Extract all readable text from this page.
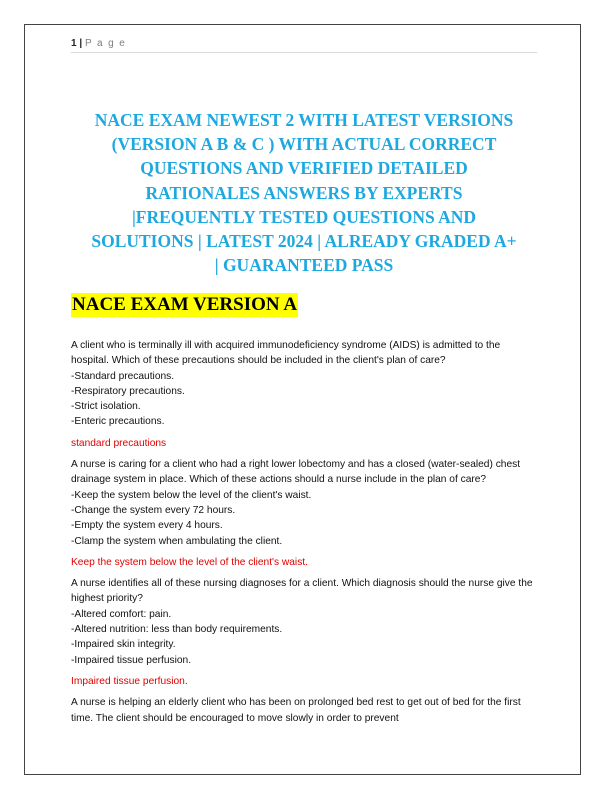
1 | P a g e
NACE EXAM NEWEST 2 WITH LATEST VERSIONS
(VERSION A B & C ) WITH ACTUAL CORRECT
QUESTIONS AND VERIFIED DETAILED
RATIONALES ANSWERS BY EXPERTS
|FREQUENTLY TESTED QUESTIONS AND
SOLUTIONS | LATEST 2024 | ALREADY GRADED A+
| GUARANTEED PASS
NACE EXAM VERSION A
A client who is terminally ill with acquired immunodeficiency syndrome (AIDS) is admitted to the
hospital. Which of these precautions should be included in the client's plan of care?
-Standard precautions.
-Respiratory precautions.
-Strict isolation.
-Enteric precautions.
standard precautions
A nurse is caring for a client who had a right lower lobectomy and has a closed (water-sealed) chest
drainage system in place. Which of these actions should a nurse include in the plan of care?
-Keep the system below the level of the client's waist.
-Change the system every 72 hours.
-Empty the system every 4 hours.
-Clamp the system when ambulating the client.
Keep the system below the level of the client's waist.
A nurse identifies all of these nursing diagnoses for a client. Which diagnosis should the nurse give the
highest priority?
-Altered comfort: pain.
-Altered nutrition: less than body requirements.
-Impaired skin integrity.
-Impaired tissue perfusion.
Impaired tissue perfusion.
A nurse is helping an elderly client who has been on prolonged bed rest to get out of bed for the first
time. The client should be encouraged to move slowly in order to prevent
